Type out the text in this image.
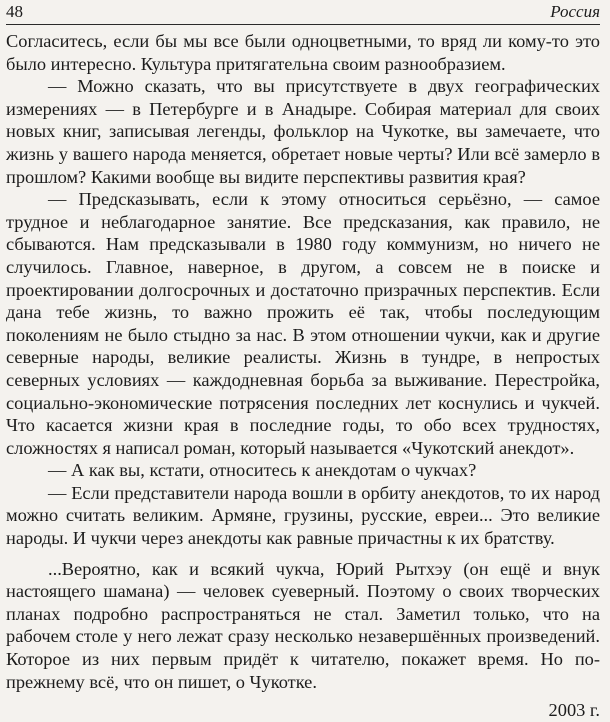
48	Россия

Согласитесь, если бы мы все были одноцветными, то вряд ли кому-то это было интересно. Культура притягательна своим разнообразием.

— Можно сказать, что вы присутствуете в двух географических измерениях — в Петербурге и в Анадыре. Собирая материал для своих новых книг, записывая легенды, фольклор на Чукотке, вы замечаете, что жизнь у вашего народа меняется, обретает новые черты? Или всё замерло в прошлом? Какими вообще вы видите перспективы развития края?

— Предсказывать, если к этому относиться серьёзно, — самое трудное и неблагодарное занятие. Все предсказания, как правило, не сбываются. Нам предсказывали в 1980 году коммунизм, но ничего не случилось. Главное, наверное, в другом, а совсем не в поиске и проектировании долгосрочных и достаточно призрачных перспектив. Если дана тебе жизнь, то важно прожить её так, чтобы последующим поколениям не было стыдно за нас. В этом отношении чукчи, как и другие северные народы, великие реалисты. Жизнь в тундре, в непростых северных условиях — каждодневная борьба за выживание. Перестройка, социально-экономические потрясения последних лет коснулись и чукчей. Что касается жизни края в последние годы, то обо всех трудностях, сложностях я написал роман, который называется «Чукотский анекдот».

— А как вы, кстати, относитесь к анекдотам о чукчах?

— Если представители народа вошли в орбиту анекдотов, то их народ можно считать великим. Армяне, грузины, русские, евреи... Это великие народы. И чукчи через анекдоты как равные причастны к их братству.

...Вероятно, как и всякий чукча, Юрий Рытхэу (он ещё и внук настоящего шамана) — человек суеверный. Поэтому о своих творческих планах подробно распространяться не стал. Заметил только, что на рабочем столе у него лежат сразу несколько незавершённых произведений. Которое из них первым придёт к читателю, покажет время. Но по-прежнему всё, что он пишет, о Чукотке.

2003 г.
